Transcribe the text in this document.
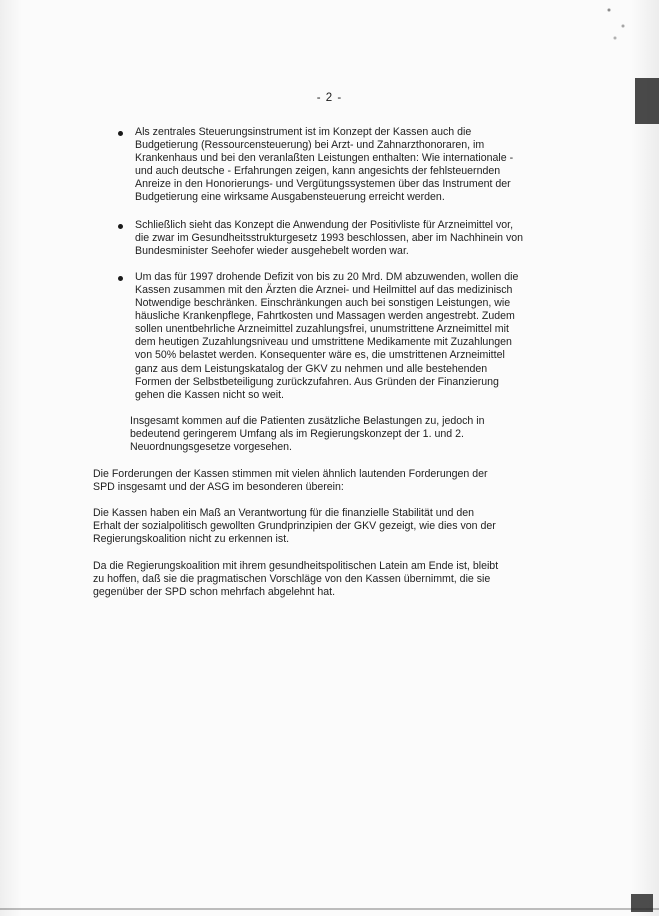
- 2 -
Als zentrales Steuerungsinstrument ist im Konzept der Kassen auch die
Budgetierung (Ressourcensteuerung) bei Arzt- und Zahnarzthonoraren, im
Krankenhaus und bei den veranlaßten Leistungen enthalten: Wie internationale -
und auch deutsche - Erfahrungen zeigen, kann angesichts der fehlsteuernden
Anreize in den Honorierungs- und Vergütungssystemen über das Instrument der
Budgetierung eine wirksame Ausgabensteuerung erreicht werden.
Schließlich sieht das Konzept die Anwendung der Positivliste für Arzneimittel vor,
die zwar im Gesundheitsstrukturgesetz 1993 beschlossen, aber im Nachhinein von
Bundesminister Seehofer wieder ausgehebelt worden war.
Um das für 1997 drohende Defizit von bis zu 20 Mrd. DM abzuwenden, wollen die
Kassen zusammen mit den Ärzten die Arznei- und Heilmittel auf das medizinisch
Notwendige beschränken. Einschränkungen auch bei sonstigen Leistungen, wie
häusliche Krankenpflege, Fahrtkosten und Massagen werden angestrebt. Zudem
sollen unentbehrliche Arzneimittel zuzahlungsfrei, unumstrittene Arzneimittel mit
dem heutigen Zuzahlungsniveau und umstrittene Medikamente mit Zuzahlungen
von 50% belastet werden. Konsequenter wäre es, die umstrittenen Arzneimittel
ganz aus dem Leistungskatalog der GKV zu nehmen und alle bestehenden
Formen der Selbstbeteiligung zurückzufahren. Aus Gründen der Finanzierung
gehen die Kassen nicht so weit.
Insgesamt kommen auf die Patienten zusätzliche Belastungen zu, jedoch in
bedeutend geringerem Umfang als im Regierungskonzept der 1. und 2.
Neuordnungsgesetze vorgesehen.
Die Forderungen der Kassen stimmen mit vielen ähnlich lautenden Forderungen der
SPD insgesamt und der ASG im besonderen überein:
Die Kassen haben ein Maß an Verantwortung für die finanzielle Stabilität und den
Erhalt der sozialpolitisch gewollten Grundprinzipien der GKV gezeigt, wie dies von der
Regierungskoalition nicht zu erkennen ist.
Da die Regierungskoalition mit ihrem gesundheitspolitischen Latein am Ende ist, bleibt
zu hoffen, daß sie die pragmatischen Vorschläge von den Kassen übernimmt, die sie
gegenüber der SPD schon mehrfach abgelehnt hat.
